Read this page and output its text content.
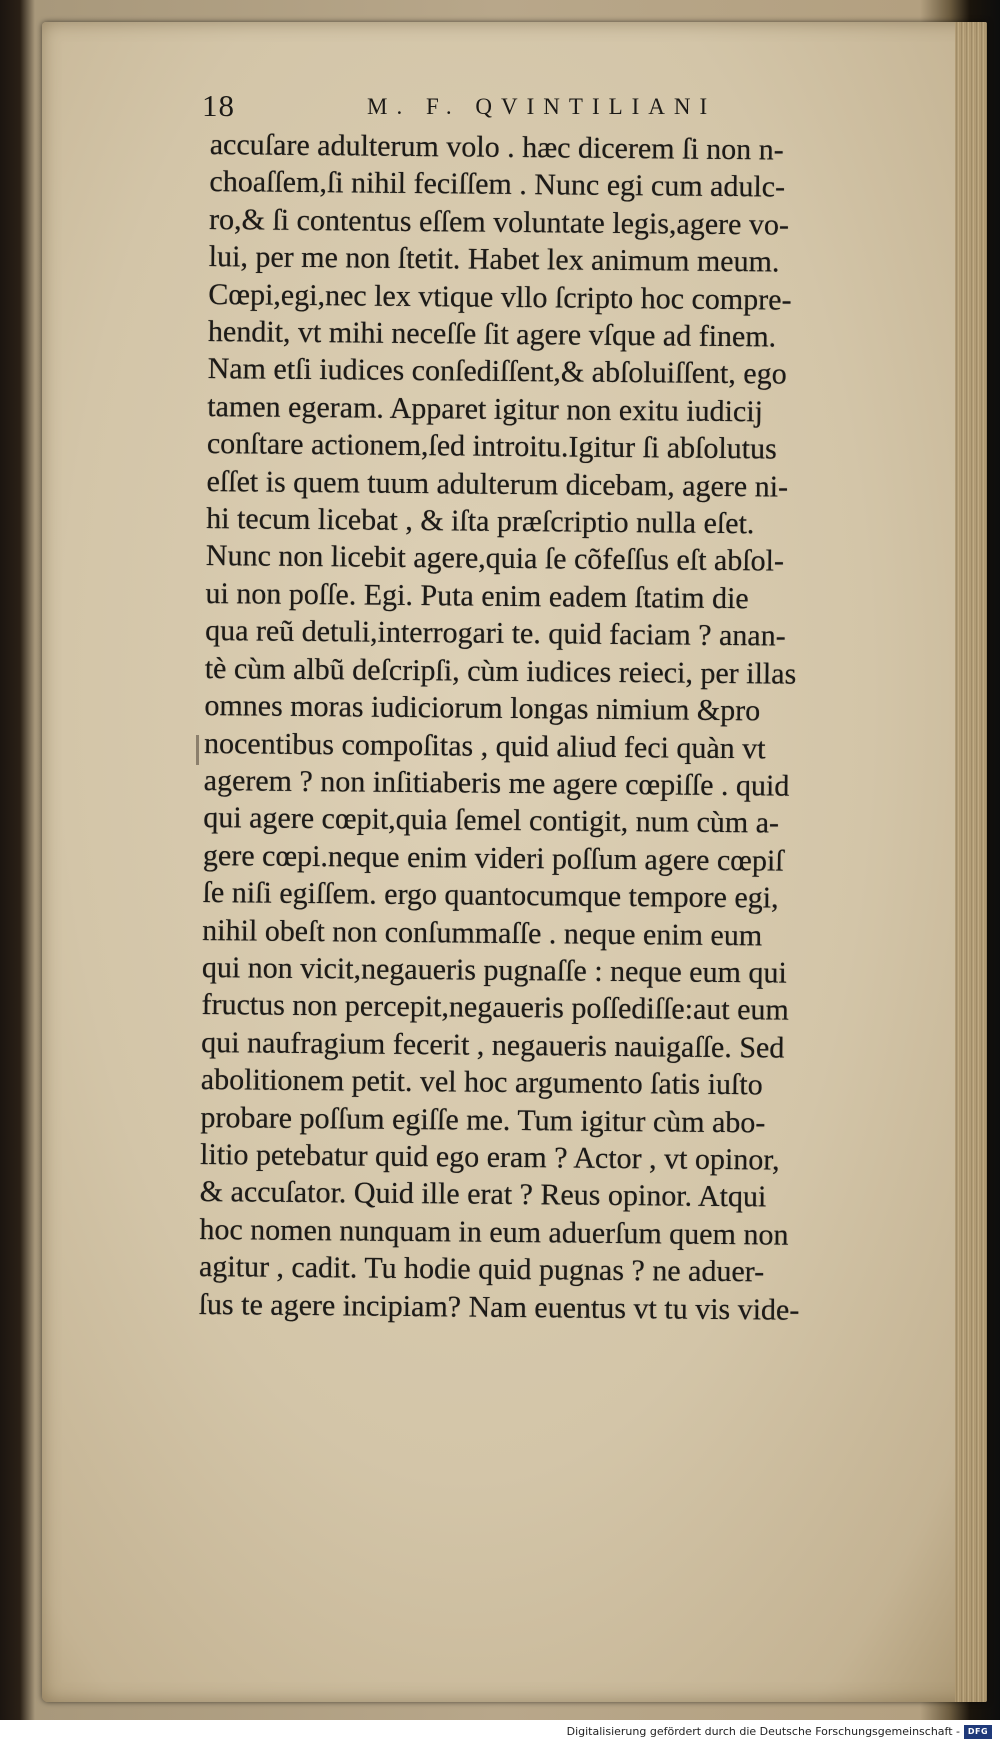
18	M. F. QVINTILIANI
accuſare adulterum volo . hæc dicerem ſi non n-
choaſſem,ſi nihil feciſſem . Nunc egi cum adulc-
ro,& ſi contentus eſſem voluntate legis,agere vo-
lui, per me non ſtetit. Habet lex animum meum.
Cœpi,egi,nec lex vtique vllo ſcripto hoc compre-
hendit, vt mihi neceſſe ſit agere vſque ad finem.
Nam etſi iudices conſediſſent,& abſoluiſſent, ego
tamen egeram. Apparet igitur non exitu iudicij
conſtare actionem,ſed introitu.Igitur ſi abſolutus
eſſet is quem tuum adulterum dicebam, agere ni-
hi tecum licebat , & iſta præſcriptio nulla eſet.
Nunc non licebit agere,quia ſe cõfeſſus eſt abſol-
ui non poſſe. Egi. Puta enim eadem ſtatim die
qua reũ detuli,interrogari te. quid faciam ? anan-
tè cùm albũ deſcripſi, cùm iudices reieci, per illas
omnes moras iudiciorum longas nimium &pro
nocentibus compoſitas , quid aliud feci quàn vt
agerem ? non inſitiaberis me agere cœpiſſe . quid
qui agere cœpit,quia ſemel contigit, num cùm a-
gere cœpi.neque enim videri poſſum agere cœpiſ
ſe niſi egiſſem. ergo quantocumque tempore egi,
nihil obeſt non conſummaſſe . neque enim eum
qui non vicit,negaueris pugnaſſe : neque eum qui
fructus non percepit,negaueris poſſediſſe:aut eum
qui naufragium fecerit , negaueris nauigaſſe. Sed
abolitionem petit. vel hoc argumento ſatis iuſto
probare poſſum egiſſe me. Tum igitur cùm abo-
litio petebatur quid ego eram ? Actor , vt opinor,
& accuſator. Quid ille erat ? Reus opinor. Atqui
hoc nomen nunquam in eum aduerſum quem non
agitur , cadit. Tu hodie quid pugnas ? ne aduer-
ſus te agere incipiam? Nam euentus vt tu vis vide-
Digitalisierung gefördert durch die Deutsche Forschungsgemeinschaft - DFG
